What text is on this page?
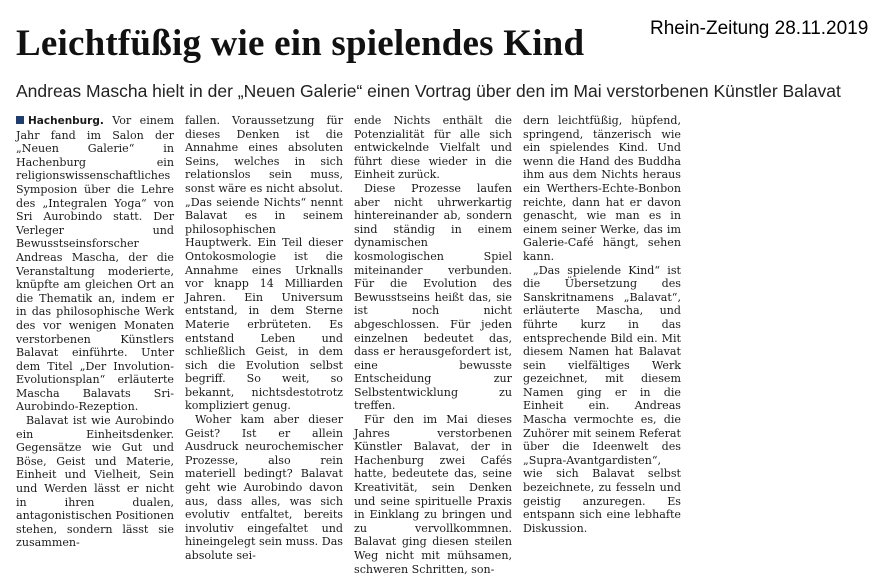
Rhein-Zeitung 28.11.2019
Leichtfüßig wie ein spielendes Kind
Andreas Mascha hielt in der „Neuen Galerie“ einen Vortrag über den im Mai verstorbenen Künstler Balavat

Hachenburg. Vor einem Jahr fand im Salon der „Neuen Galerie“ in Hachenburg ein religionswissenschaftliches Symposion über die Lehre des „Integralen Yoga“ von Sri Aurobindo statt. Der Verleger und Bewusstseinsforscher Andreas Mascha, der die Veranstaltung moderierte, knüpfte am gleichen Ort an die Thematik an, indem er in das philosophische Werk des vor wenigen Monaten verstorbenen Künstlers Balavat einführte. Unter dem Titel „Der Involution-Evolutionsplan“ erläuterte Mascha Balavats Sri-Aurobindo-Rezeption.

Balavat ist wie Aurobindo ein Einheitsdenker. Gegensätze wie Gut und Böse, Geist und Materie, Einheit und Vielheit, Sein und Werden lässt er nicht in ihren dualen, antagonistischen Positionen stehen, sondern lässt sie zusammen-

fallen. Voraussetzung für dieses Denken ist die Annahme eines absoluten Seins, welches in sich relationslos sein muss, sonst wäre es nicht absolut. „Das seiende Nichts“ nennt Balavat es in seinem philosophischen Hauptwerk. Ein Teil dieser Ontokosmologie ist die Annahme eines Urknalls vor knapp 14 Milliarden Jahren. Ein Universum entstand, in dem Sterne Materie erbrüteten. Es entstand Leben und schließlich Geist, in dem sich die Evolution selbst begriff. So weit, so bekannt, nichtsdestotrotz kompliziert genug.

Woher kam aber dieser Geist? Ist er allein Ausdruck neurochemischer Prozesse, also rein materiell bedingt? Balavat geht wie Aurobindo davon aus, dass alles, was sich evolutiv entfaltet, bereits involutiv eingefaltet und hineingelegt sein muss. Das absolute sei-

ende Nichts enthält die Potenzialität für alle sich entwickelnde Vielfalt und führt diese wieder in die Einheit zurück.

Diese Prozesse laufen aber nicht uhrwerkartig hintereinander ab, sondern sind ständig in einem dynamischen kosmologischen Spiel miteinander verbunden. Für die Evolution des Bewusstseins heißt das, sie ist noch nicht abgeschlossen. Für jeden einzelnen bedeutet das, dass er herausgefordert ist, eine bewusste Entscheidung zur Selbstentwicklung zu treffen.

Für den im Mai dieses Jahres verstorbenen Künstler Balavat, der in Hachenburg zwei Cafés hatte, bedeutete das, seine Kreativität, sein Denken und seine spirituelle Praxis in Einklang zu bringen und zu vervollkommnen. Balavat ging diesen steilen Weg nicht mit mühsamen, schweren Schritten, son-

dern leichtfüßig, hüpfend, springend, tänzerisch wie ein spielendes Kind. Und wenn die Hand des Buddha ihm aus dem Nichts heraus ein Werthers-Echte-Bonbon reichte, dann hat er davon genascht, wie man es in einem seiner Werke, das im Galerie-Café hängt, sehen kann.

„Das spielende Kind“ ist die Übersetzung des Sanskritnamens „Balavat“, erläuterte Mascha, und führte kurz in das entsprechende Bild ein. Mit diesem Namen hat Balavat sein vielfältiges Werk gezeichnet, mit diesem Namen ging er in die Einheit ein. Andreas Mascha vermochte es, die Zuhörer mit seinem Referat über die Ideenwelt des „Supra-Avantgardisten“, wie sich Balavat selbst bezeichnete, zu fesseln und geistig anzuregen. Es entspann sich eine lebhafte Diskussion.
